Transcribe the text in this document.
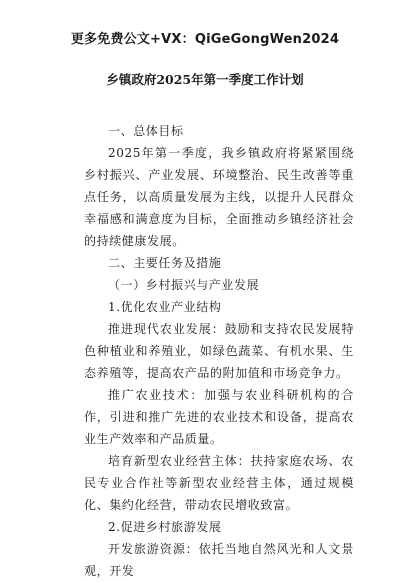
更多免费公文+VX：QiGeGongWen2024
乡镇政府2025年第一季度工作计划

一、总体目标

2025年第一季度，我乡镇政府将紧紧围绕乡村振兴、产业发展、环境整治、民生改善等重点任务，以高质量发展为主线，以提升人民群众幸福感和满意度为目标，全面推动乡镇经济社会的持续健康发展。

二、主要任务及措施

（一）乡村振兴与产业发展

1.优化农业产业结构

推进现代农业发展：鼓励和支持农民发展特色种植业和养殖业，如绿色蔬菜、有机水果、生态养殖等，提高农产品的附加值和市场竞争力。

推广农业技术：加强与农业科研机构的合作，引进和推广先进的农业技术和设备，提高农业生产效率和产品质量。

培育新型农业经营主体：扶持家庭农场、农民专业合作社等新型农业经营主体，通过规模化、集约化经营，带动农民增收致富。

2.促进乡村旅游发展

开发旅游资源：依托当地自然风光和人文景观，开发
